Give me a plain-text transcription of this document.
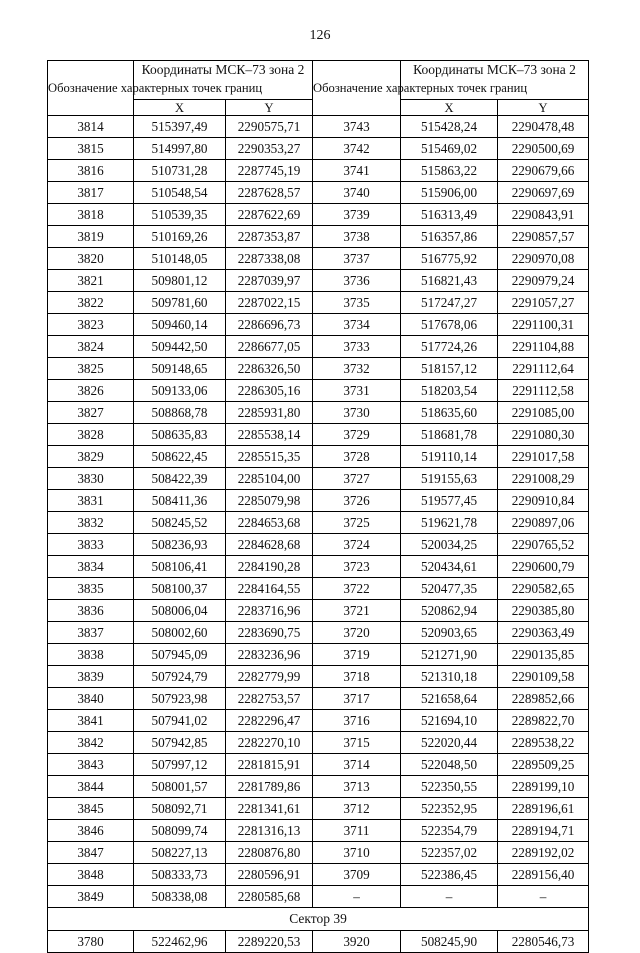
126
Обозначение характерных точек границ	Координаты МСК–73 зона 2		Обозначение характерных точек границ	Координаты МСК–73 зона 2	
	X	Y		X	Y
3814	515397,49	2290575,71	3743	515428,24	2290478,48
3815	514997,80	2290353,27	3742	515469,02	2290500,69
3816	510731,28	2287745,19	3741	515863,22	2290679,66
3817	510548,54	2287628,57	3740	515906,00	2290697,69
3818	510539,35	2287622,69	3739	516313,49	2290843,91
3819	510169,26	2287353,87	3738	516357,86	2290857,57
3820	510148,05	2287338,08	3737	516775,92	2290970,08
3821	509801,12	2287039,97	3736	516821,43	2290979,24
3822	509781,60	2287022,15	3735	517247,27	2291057,27
3823	509460,14	2286696,73	3734	517678,06	2291100,31
3824	509442,50	2286677,05	3733	517724,26	2291104,88
3825	509148,65	2286326,50	3732	518157,12	2291112,64
3826	509133,06	2286305,16	3731	518203,54	2291112,58
3827	508868,78	2285931,80	3730	518635,60	2291085,00
3828	508635,83	2285538,14	3729	518681,78	2291080,30
3829	508622,45	2285515,35	3728	519110,14	2291017,58
3830	508422,39	2285104,00	3727	519155,63	2291008,29
3831	508411,36	2285079,98	3726	519577,45	2290910,84
3832	508245,52	2284653,68	3725	519621,78	2290897,06
3833	508236,93	2284628,68	3724	520034,25	2290765,52
3834	508106,41	2284190,28	3723	520434,61	2290600,79
3835	508100,37	2284164,55	3722	520477,35	2290582,65
3836	508006,04	2283716,96	3721	520862,94	2290385,80
3837	508002,60	2283690,75	3720	520903,65	2290363,49
3838	507945,09	2283236,96	3719	521271,90	2290135,85
3839	507924,79	2282779,99	3718	521310,18	2290109,58
3840	507923,98	2282753,57	3717	521658,64	2289852,66
3841	507941,02	2282296,47	3716	521694,10	2289822,70
3842	507942,85	2282270,10	3715	522020,44	2289538,22
3843	507997,12	2281815,91	3714	522048,50	2289509,25
3844	508001,57	2281789,86	3713	522350,55	2289199,10
3845	508092,71	2281341,61	3712	522352,95	2289196,61
3846	508099,74	2281316,13	3711	522354,79	2289194,71
3847	508227,13	2280876,80	3710	522357,02	2289192,02
3848	508333,73	2280596,91	3709	522386,45	2289156,40
3849	508338,08	2280585,68	–	–	–
Сектор 39					
3780	522462,96	2289220,53	3920	508245,90	2280546,73
